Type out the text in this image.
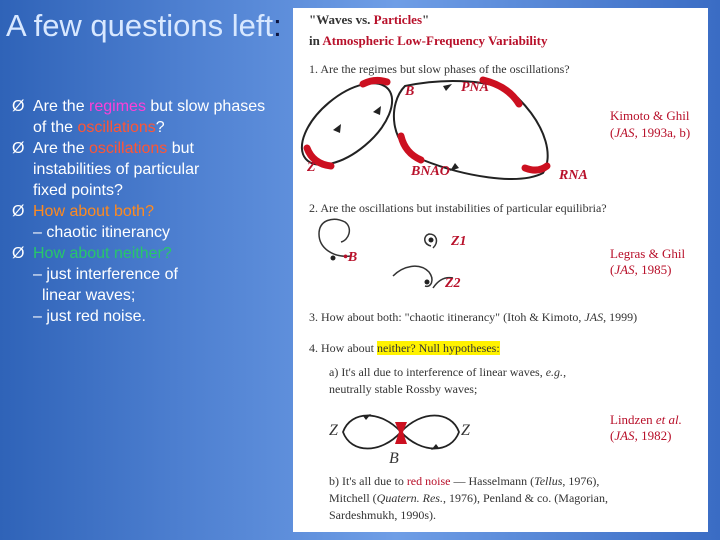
A few questions left:
Ø Are the regimes but slow phases
of the oscillations?
Ø Are the oscillations but
instabilities of particular
fixed points?
Ø How about both?
– chaotic itinerancy
Ø How about neither?
– just interference of
linear waves;
– just red noise.
"Waves vs. Particles"
in Atmospheric Low-Frequency Variability
1. Are the regimes but slow phases of the oscillations?
B	PNA
Z	BNAO	RNA
Kimoto & Ghil
(JAS, 1993a, b)
2. Are the oscillations but instabilities of particular equilibria?
Z1
•B
Z2
Legras & Ghil
(JAS, 1985)
3. How about both: "chaotic itinerancy" (Itoh & Kimoto, JAS, 1999)
4. How about neither? Null hypotheses:
a) It's all due to interference of linear waves, e.g.,
neutrally stable Rossby waves;
Z	Z
B
Lindzen et al.
(JAS, 1982)
b) It's all due to red noise — Hasselmann (Tellus, 1976),
Mitchell (Quatern. Res., 1976), Penland & co. (Magorian,
Sardeshmukh, 1990s).
